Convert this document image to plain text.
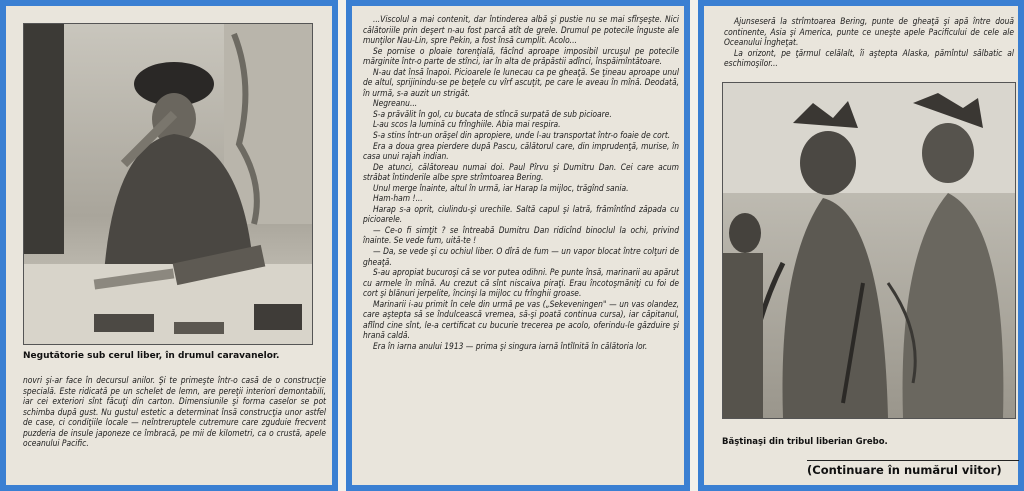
Negutătorie sub cerul liber, în drumul caravanelor.

novri şi-ar face în decursul anilor. Şi te primeşte într-o casă de o construcţie specială. Este ridicată pe un schelet de lemn, are pereţii interiori demontabili, iar cei exteriori sînt făcuţi din carton. Dimensiunile şi forma caselor se pot schimba după gust. Nu gustul estetic a determinat însă construcţia unor astfel de case, ci condiţiile locale — neîntreruptele cutremure care zguduie frecvent puzderia de insule japoneze ce îmbracă, pe mii de kilometri, ca o crustă, apele oceanului Pacific.

...Viscolul a mai contenit, dar întinderea albă şi pustie nu se mai sfîrşeşte. Nici călătoriile prin deşert n-au fost parcă atît de grele. Drumul pe potecile înguste ale munţilor Nau-Lin, spre Pekin, a fost însă cumplit. Acolo...

Se pornise o ploaie torenţială, făcînd aproape imposibil urcuşul pe potecile mărginite într-o parte de stînci, iar în alta de prăpăstii adînci, înspăimîntătoare.

N-au dat însă înapoi. Picioarele le lunecau ca pe gheaţă. Se ţineau aproape unul de altul, sprijinindu-se pe beţele cu vîrf ascuţit, pe care le aveau în mînă. Deodată, în urmă, s-a auzit un strigăt.

Negreanu...

S-a prăvălit în gol, cu bucata de stîncă surpată de sub picioare.

L-au scos la lumină cu frînghiile. Abia mai respira.

S-a stins într-un orăşel din apropiere, unde l-au transportat într-o foaie de cort.

Era a doua grea pierdere după Pascu, călătorul care, din imprudenţă, murise, în casa unui rajah indian.

De atunci, călătoreau numai doi. Paul Pîrvu şi Dumitru Dan. Cei care acum străbat întinderile albe spre strîmtoarea Bering.

Unul merge înainte, altul în urmă, iar Harap la mijloc, trăgînd sania.

Ham-ham !...

Harap s-a oprit, ciulindu-şi urechile. Saltă capul şi latră, frămîntînd zăpada cu picioarele.

— Ce-o fi simţit ? se întreabă Dumitru Dan ridicînd binoclul la ochi, privind înainte. Se vede fum, uită-te !

— Da, se vede şi cu ochiul liber. O dîră de fum — un vapor blocat între colţuri de gheaţă.

S-au apropiat bucuroşi că se vor putea odihni. Pe punte însă, marinarii au apărut cu armele în mînă. Au crezut că sînt niscaiva piraţi. Erau încotoşmăniţi cu foi de cort şi blănuri jerpelite, încinşi la mijloc cu frînghii groase.

Marinarii i-au primit în cele din urmă pe vas („Sekeveningen" — un vas olandez, care aştepta să se îndulcească vremea, să-şi poată continua cursa), iar căpitanul, aflînd cine sînt, le-a certificat cu bucurie trecerea pe acolo, oferindu-le găzduire şi hrană caldă.

Era în iarna anului 1913 — prima şi singura iarnă întîlnită în călătoria lor.

Ajunseseră la strîmtoarea Bering, punte de gheaţă şi apă între două continente, Asia şi America, punte ce uneşte apele Pacificului de cele ale Oceanului Îngheţat.

La orizont, pe ţărmul celălalt, îi aştepta Alaska, pămîntul sălbatic al eschimoşilor...

Băştinaşi din tribul liberian Grebo.
(Continuare în numărul viitor)
